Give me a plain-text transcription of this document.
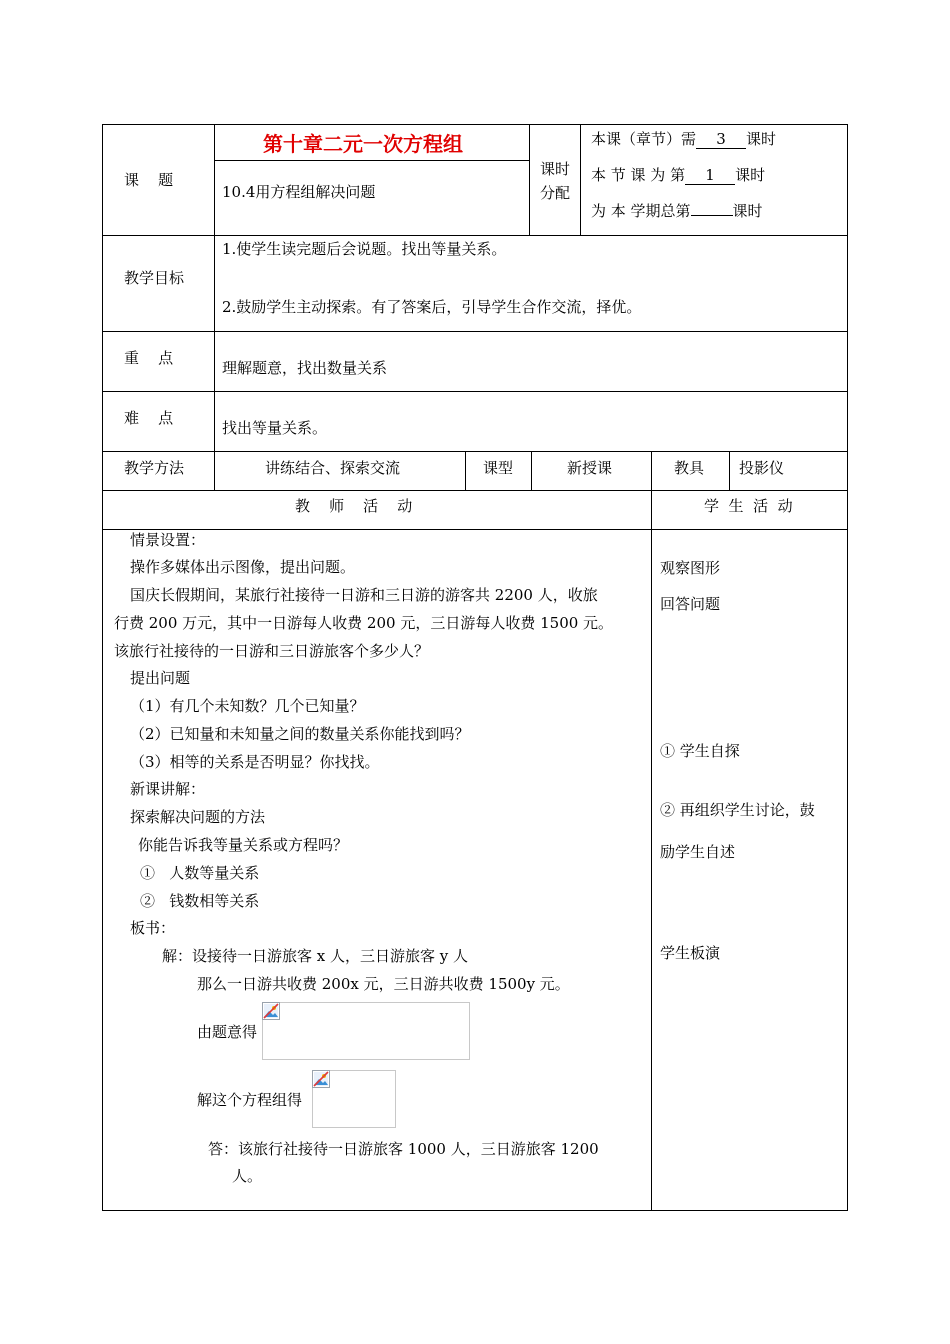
课    题
第十章二元一次方程组
10.4用方程组解决问题
课时
分配
本课（章节）需 3 课时
本 节 课 为 第 1 课时
为 本 学期总第	课时
教学目标
1.使学生读完题后会说题。找出等量关系。
2.鼓励学生主动探索。有了答案后，引导学生合作交流，择优。
重    点
理解题意，找出数量关系
难    点
找出等量关系。
教学方法	讲练结合、探索交流	课型	新授课	教具 投影仪
教    师    活    动	学  生  活  动
情景设置：
操作多媒体出示图像，提出问题。
国庆长假期间，某旅行社接待一日游和三日游的游客共 2200 人，收旅
行费 200 万元，其中一日游每人收费 200 元，三日游每人收费 1500 元。
该旅行社接待的一日游和三日游旅客个多少人？
提出问题
（1）有几个未知数？几个已知量？
（2）已知量和未知量之间的数量关系你能找到吗？
（3）相等的关系是否明显？你找找。
新课讲解：
探索解决问题的方法
你能告诉我等量关系或方程吗？
①   人数等量关系
②   钱数相等关系
板书：
解：设接待一日游旅客 x 人，三日游旅客 y 人
那么一日游共收费 200x 元，三日游共收费 1500y 元。
由题意得
解这个方程组得
答：该旅行社接待一日游旅客 1000 人，三日游旅客 1200
人。
观察图形
回答问题
① 学生自探
② 再组织学生讨论，鼓
励学生自述
学生板演
